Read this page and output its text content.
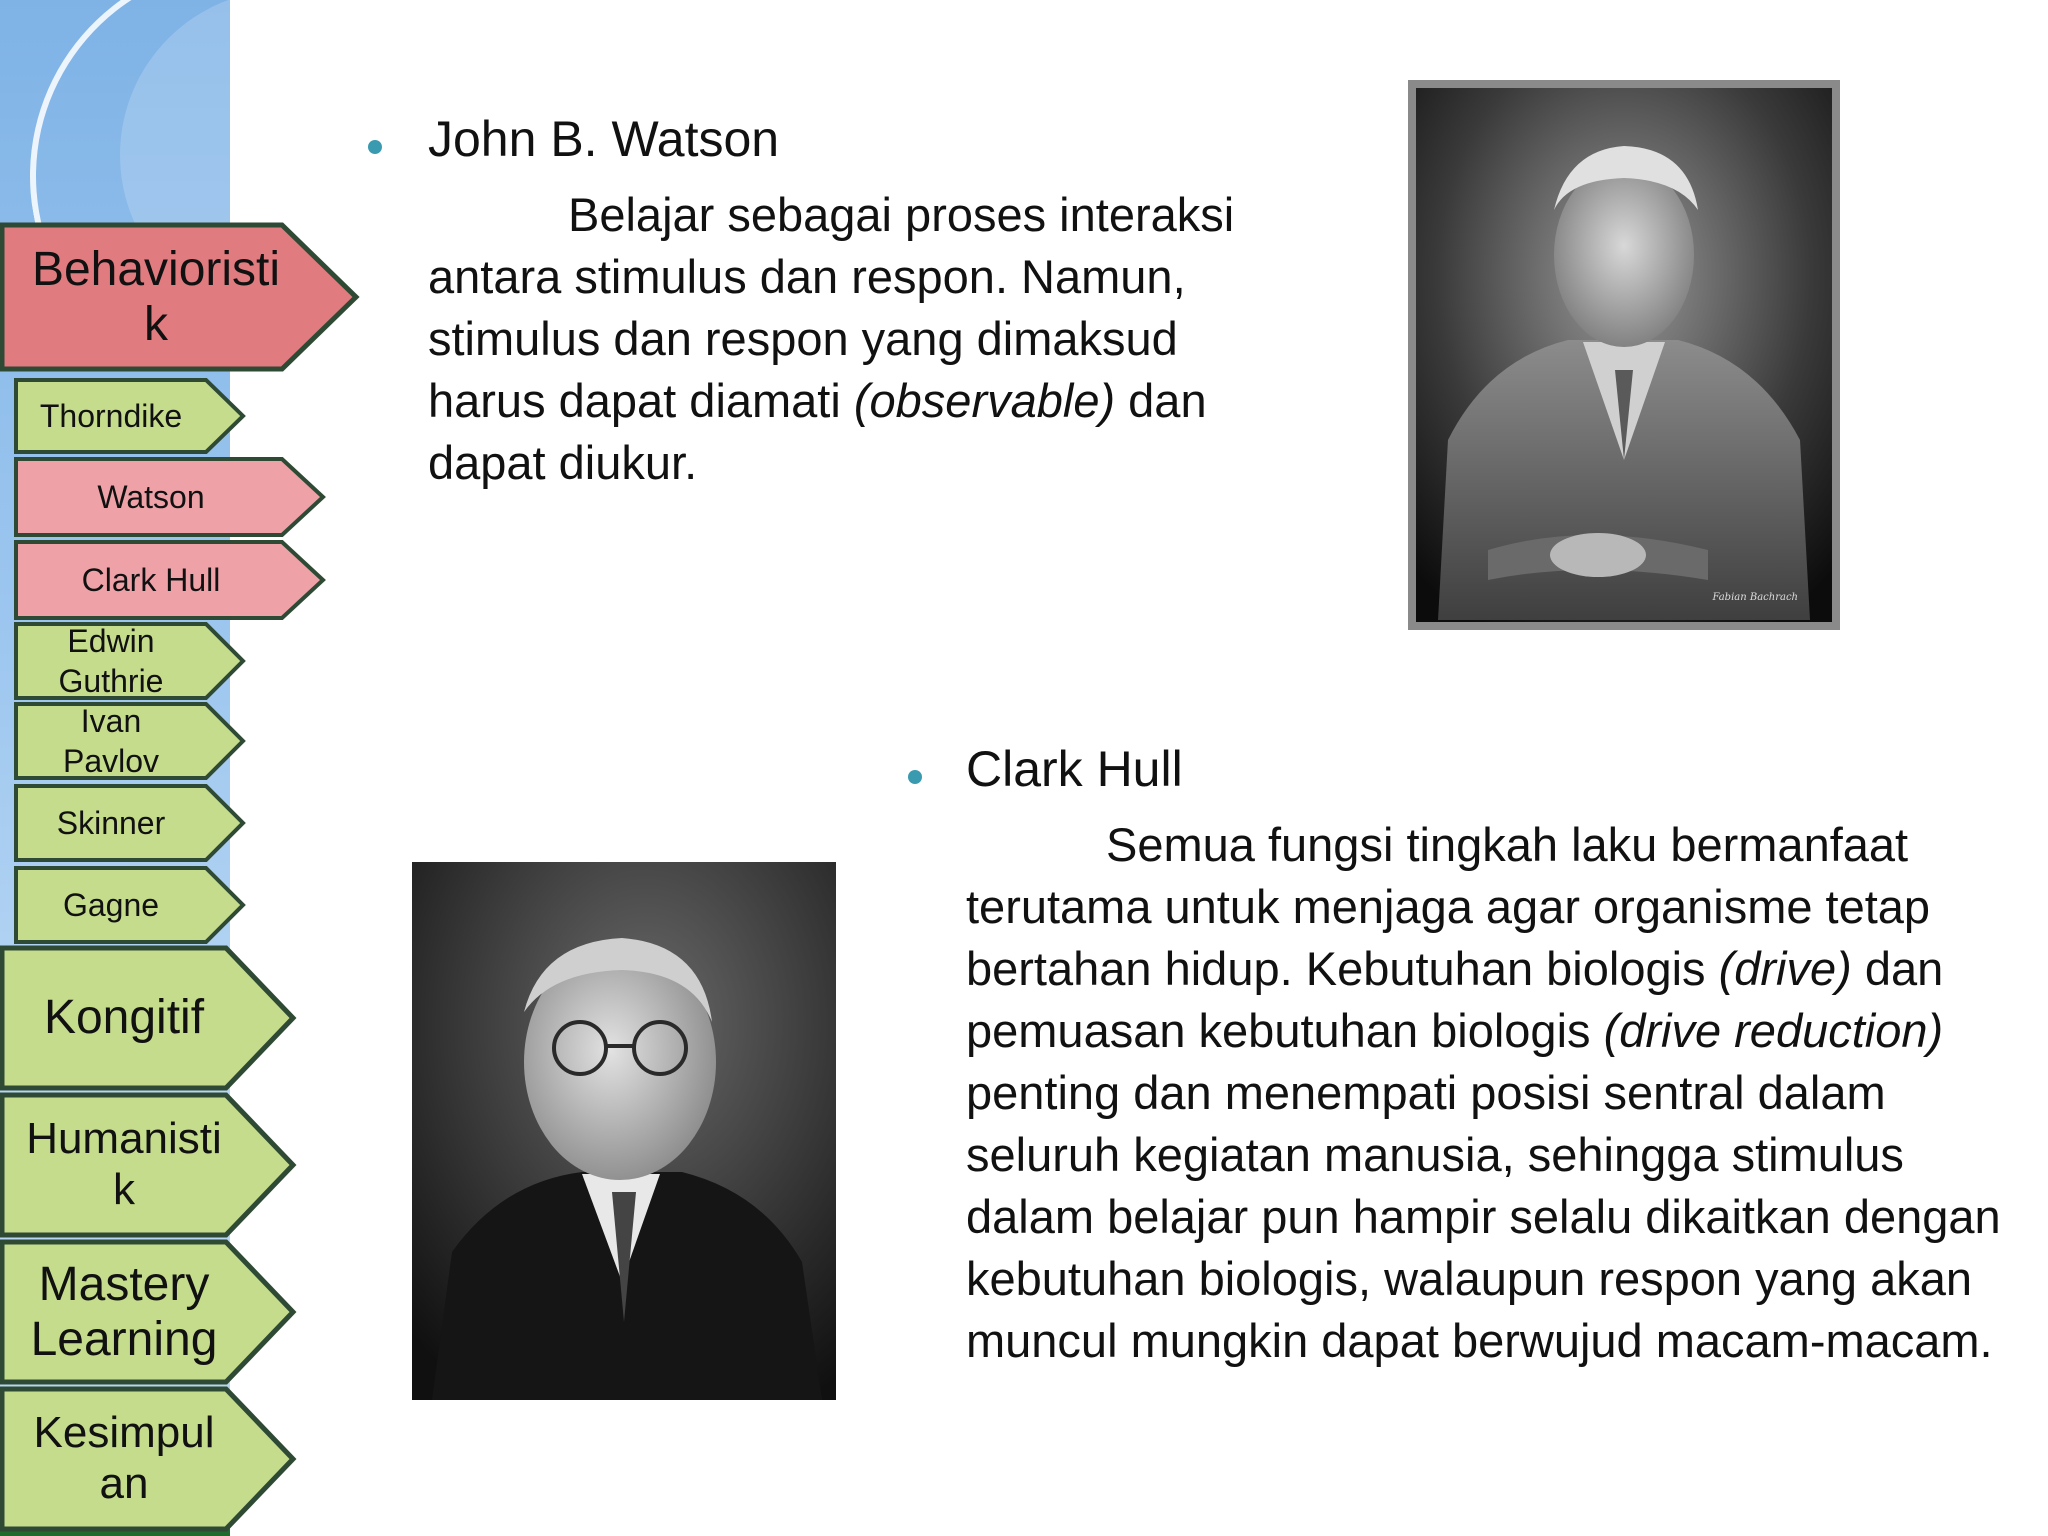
Behavioristi
k
Thorndike
Watson
Clark Hull
Edwin
Guthrie
Ivan
Pavlov
Skinner
Gagne
Kongitif
Humanisti
k
Mastery
Learning
Kesimpul
an
John B. Watson
Belajar sebagai proses interaksi antara stimulus dan respon. Namun, stimulus dan respon yang dimaksud harus dapat diamati (observable) dan dapat diukur.
Fabian Bachrach
Clark Hull
Semua fungsi tingkah laku bermanfaat terutama untuk menjaga agar organisme tetap bertahan hidup. Kebutuhan biologis (drive) dan pemuasan kebutuhan biologis (drive reduction) penting dan menempati posisi sentral dalam seluruh kegiatan manusia, sehingga stimulus dalam belajar pun hampir selalu dikaitkan dengan kebutuhan biologis, walaupun respon yang akan muncul mungkin dapat berwujud macam-macam.
